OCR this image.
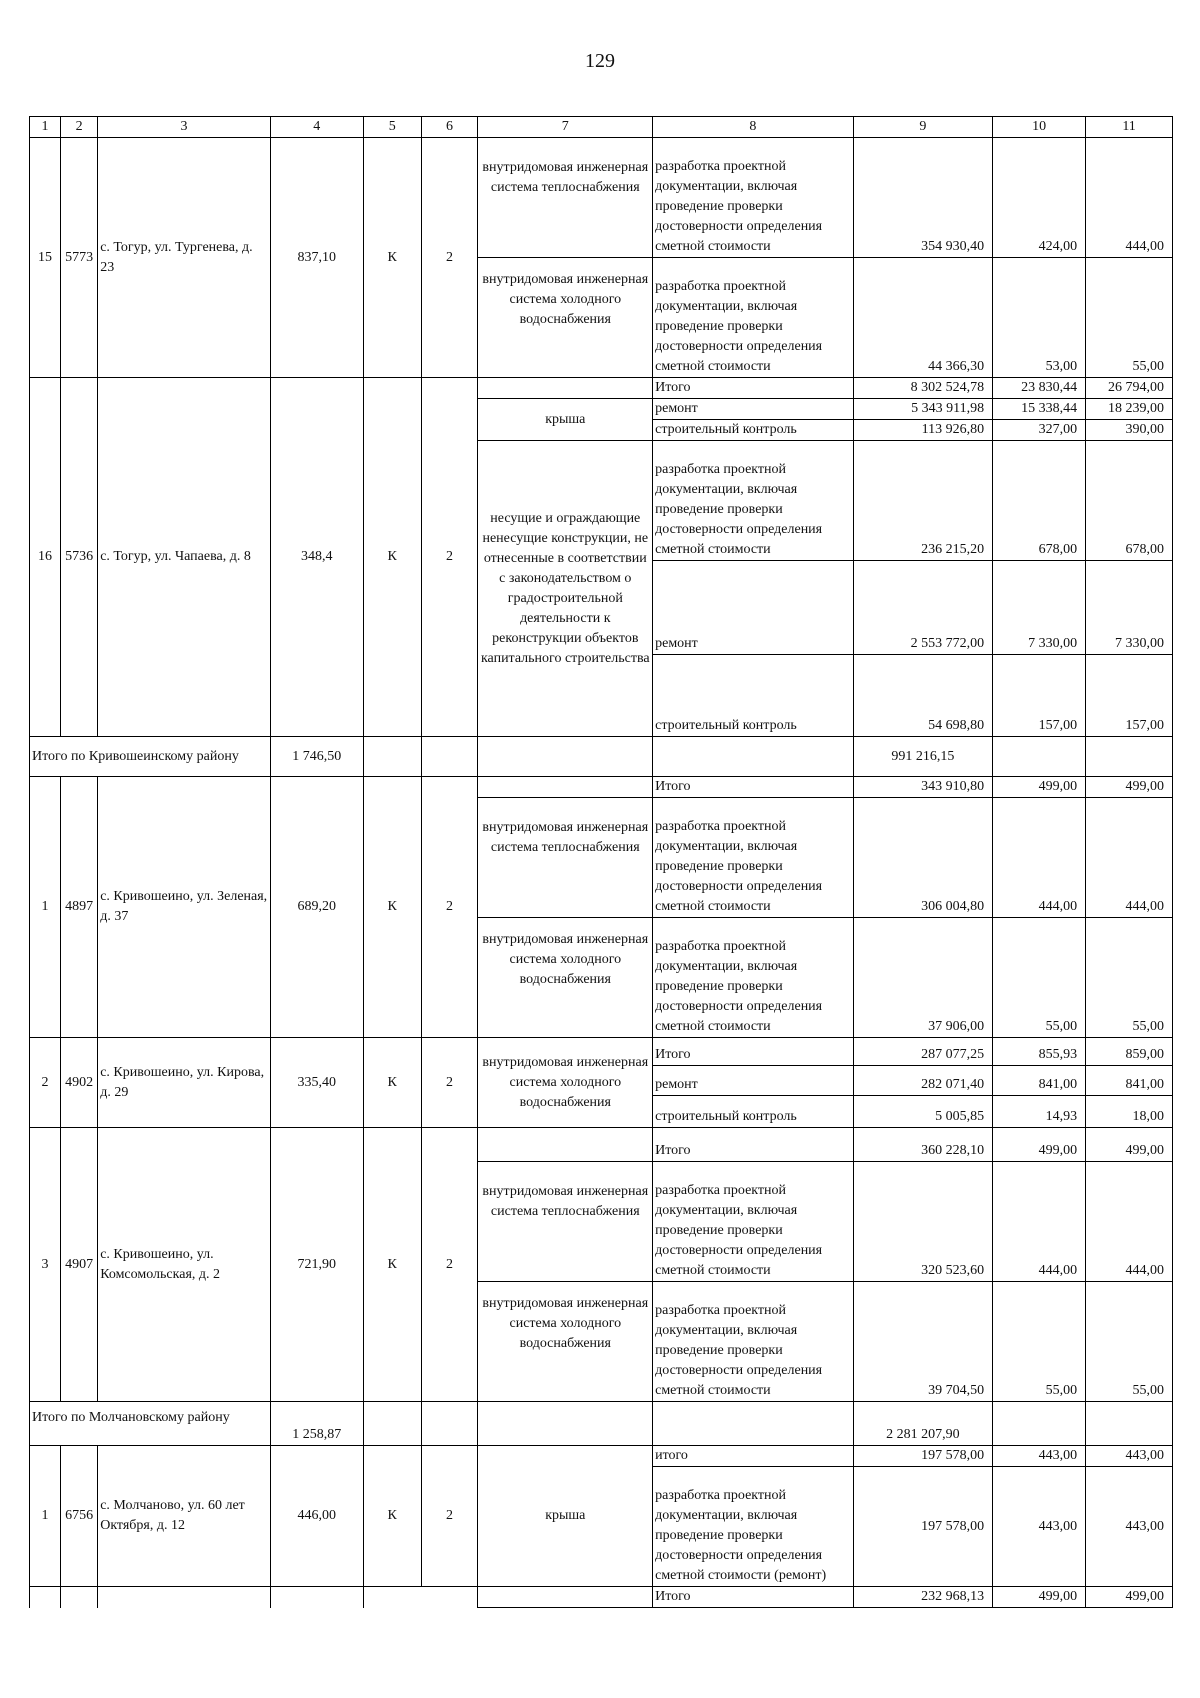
129
1	2	3	4	5	6	7	8	9	10	11
15	5773	с. Тогур, ул. Тургенева, д. 23	837,10	К	2	внутридомовая инженерная система теплоснабжения	разработка проектной документации, включая проведение проверки достоверности определения сметной стоимости	354 930,40	424,00	444,00
						внутридомовая инженерная система холодного водоснабжения	разработка проектной документации, включая проведение проверки достоверности определения сметной стоимости	44 366,30	53,00	55,00
16	5736	с. Тогур, ул. Чапаева, д. 8	348,4	К	2		Итого	8 302 524,78	23 830,44	26 794,00
						крыша	ремонт	5 343 911,98	15 338,44	18 239,00
							строительный контроль	113 926,80	327,00	390,00
						несущие и ограждающие ненесущие конструкции, не отнесенные в соответствии с законодательством о градостроительной деятельности к реконструкции объектов капитального строительства	разработка проектной документации, включая проведение проверки достоверности определения сметной стоимости	236 215,20	678,00	678,00
							ремонт	2 553 772,00	7 330,00	7 330,00
							строительный контроль	54 698,80	157,00	157,00
Итого по Кривошеинскому району			1 746,50					991 216,15		
1	4897	с. Кривошеино, ул. Зеленая, д. 37	689,20	К	2		Итого	343 910,80	499,00	499,00
						внутридомовая инженерная система теплоснабжения	разработка проектной документации, включая проведение проверки достоверности определения сметной стоимости	306 004,80	444,00	444,00
						внутридомовая инженерная система холодного водоснабжения	разработка проектной документации, включая проведение проверки достоверности определения сметной стоимости	37 906,00	55,00	55,00
2	4902	с. Кривошеино, ул. Кирова, д. 29	335,40	К	2	внутридомовая инженерная система холодного водоснабжения	Итого	287 077,25	855,93	859,00
							ремонт	282 071,40	841,00	841,00
							строительный контроль	5 005,85	14,93	18,00
3	4907	с. Кривошеино, ул. Комсомольская, д. 2	721,90	К	2		Итого	360 228,10	499,00	499,00
						внутридомовая инженерная система теплоснабжения	разработка проектной документации, включая проведение проверки достоверности определения сметной стоимости	320 523,60	444,00	444,00
						внутридомовая инженерная система холодного водоснабжения	разработка проектной документации, включая проведение проверки достоверности определения сметной стоимости	39 704,50	55,00	55,00
Итого по Молчановскому району			1 258,87					2 281 207,90		
1	6756	с. Молчаново, ул. 60 лет Октября, д. 12	446,00	К	2	крыша	итого	197 578,00	443,00	443,00
							разработка проектной документации, включая проведение проверки достоверности определения сметной стоимости (ремонт)	197 578,00	443,00	443,00
							Итого	232 968,13	499,00	499,00
